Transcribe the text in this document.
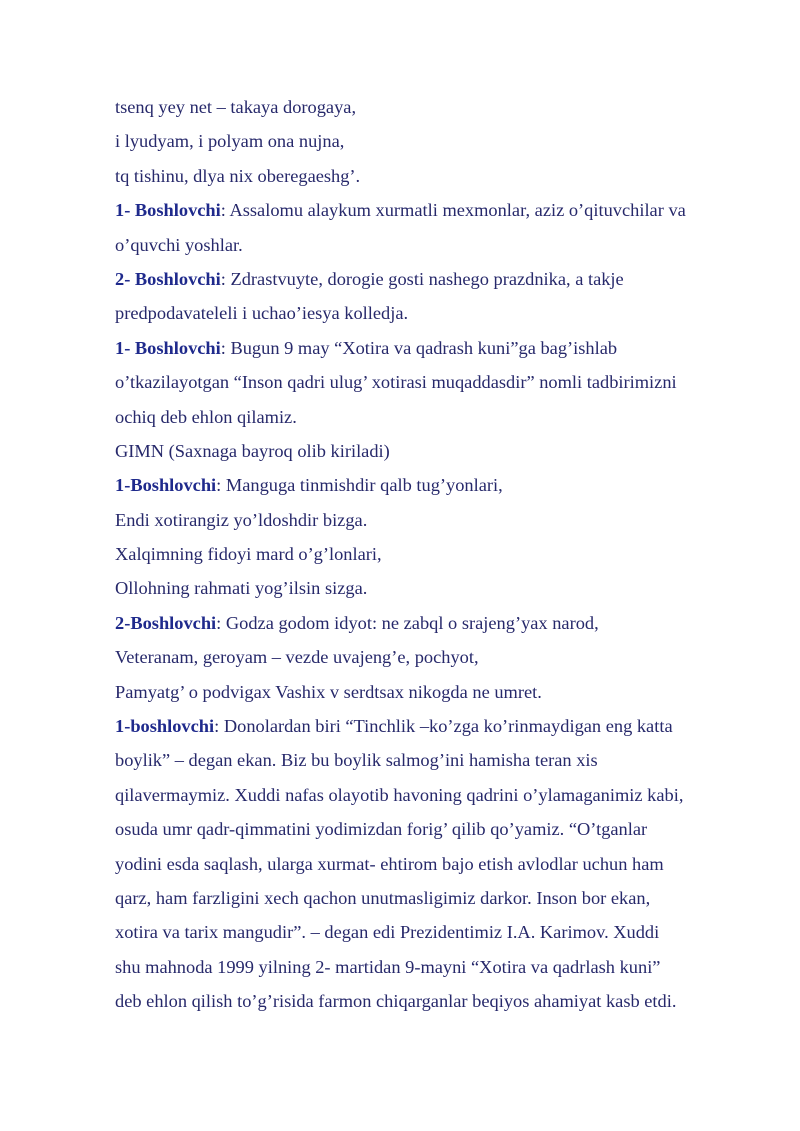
tsenq yey net – takaya dorogaya,
i lyudyam, i polyam ona nujna,
tq tishinu, dlya nix oberegaeshg’.
1- Boshlovchi: Assalomu alaykum xurmatli mexmonlar, aziz o’qituvchilar va
o’quvchi yoshlar.
2- Boshlovchi: Zdrastvuyte, dorogie gosti nashego prazdnika, a takje
predpodavateleli i uchao’iesya kolledja.
1- Boshlovchi: Bugun 9 may “Xotira va qadrash kuni”ga bag’ishlab
o’tkazilayotgan “Inson qadri ulug’ xotirasi muqaddasdir” nomli tadbirimizni
ochiq deb ehlon qilamiz.
GIMN (Saxnaga bayroq olib kiriladi)
1-Boshlovchi: Manguga tinmishdir qalb tug’yonlari,
Endi xotirangiz yo’ldoshdir bizga.
Xalqimning fidoyi mard o’g’lonlari,
Ollohning rahmati yog’ilsin sizga.
2-Boshlovchi: Godza godom idyot: ne zabql o srajeng’yax narod,
Veteranam, geroyam – vezde uvajeng’e, pochyot,
Pamyatg’ o podvigax Vashix v serdtsax nikogda ne umret.
1-boshlovchi: Donolardan biri “Tinchlik –ko’zga ko’rinmaydigan eng katta
boylik” – degan ekan. Biz bu boylik salmog’ini hamisha teran xis
qilavermaymiz. Xuddi nafas olayotib havoning qadrini o’ylamaganimiz kabi,
osuda umr qadr-qimmatini yodimizdan forig’ qilib qo’yamiz. “O’tganlar
yodini esda saqlash, ularga xurmat- ehtirom bajo etish avlodlar uchun ham
qarz, ham farzligini xech qachon unutmasligimiz darkor. Inson bor ekan,
xotira va tarix mangudir”. – degan edi Prezidentimiz I.A. Karimov. Xuddi
shu mahnoda 1999 yilning 2- martidan 9-mayni “Xotira va qadrlash kuni”
deb ehlon qilish to’g’risida farmon chiqarganlar beqiyos ahamiyat kasb etdi.
